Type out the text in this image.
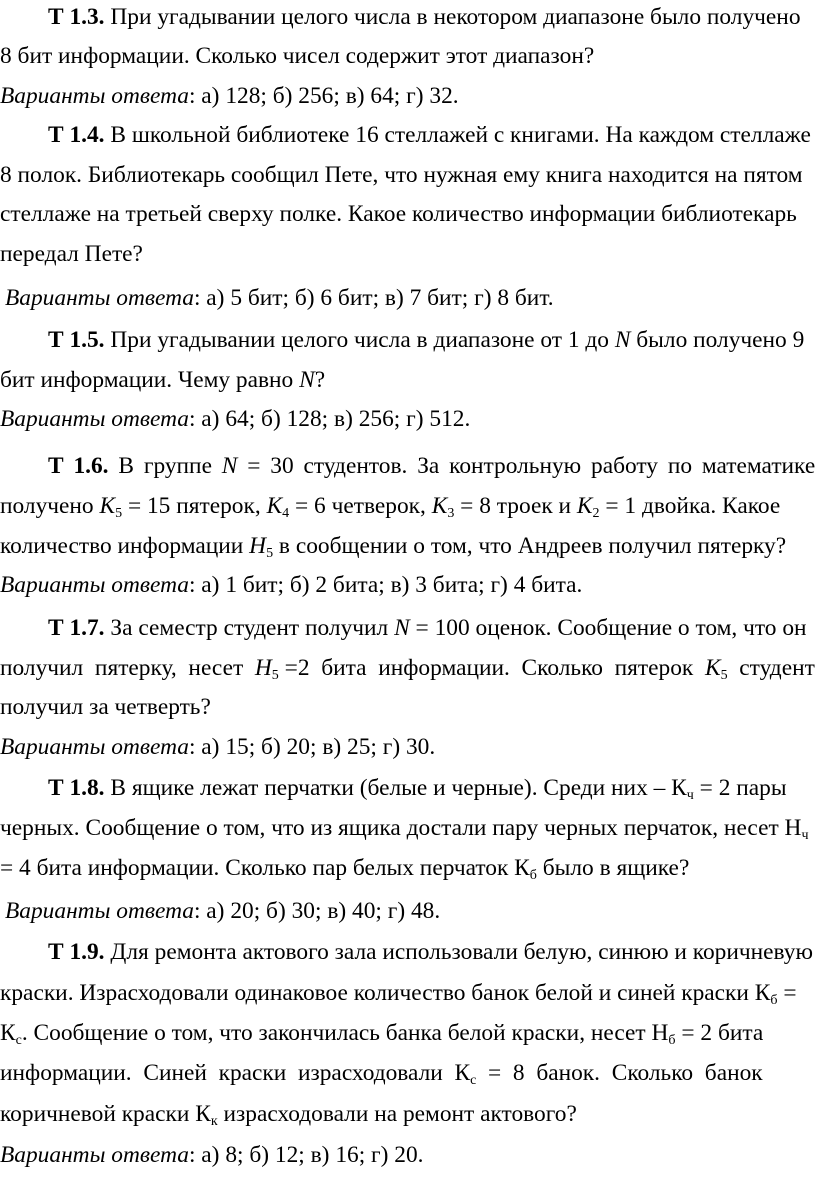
Т 1.3. При угадывании целого числа в некотором диапазоне было получено
8 бит информации. Сколько чисел содержит этот диапазон?
Варианты ответа: а) 128; б) 256; в) 64; г) 32.
Т 1.4. В школьной библиотеке 16 стеллажей с книгами. На каждом стеллаже
8 полок. Библиотекарь сообщил Пете, что нужная ему книга находится на пятом
стеллаже на третьей сверху полке. Какое количество информации библиотекарь
передал Пете?
Варианты ответа: а) 5 бит; б) 6 бит; в) 7 бит; г) 8 бит.
Т 1.5. При угадывании целого числа в диапазоне от 1 до N было получено 9
бит информации. Чему равно N?
Варианты ответа: а) 64; б) 128; в) 256; г) 512.
Т 1.6. В группе N = 30 студентов. За контрольную работу по математике
получено $K_5 = 15$ пятерок, $K_4 = 6$ четверок, $K_3 = 8$ троек и $K_2 = 1$ двойка. Какое
количество информации $H_5$ в сообщении о том, что Андреев получил пятерку?
Варианты ответа: а) 1 бит; б) 2 бита; в) 3 бита; г) 4 бита.
Т 1.7. За семестр студент получил N = 100 оценок. Сообщение о том, что он
получил  пятерку,  несет  $H_5 =2$  бита  информации.  Сколько  пятерок  $K_5$  студент
получил за четверть?
Варианты ответа: а) 15; б) 20; в) 25; г) 30.
Т 1.8. В ящике лежат перчатки (белые и черные). Среди них – $К_ч = 2$ пары
черных. Сообщение о том, что из ящика достали пару черных перчаток, несет $Н_ч$
= 4 бита информации. Сколько пар белых перчаток $К_б$ было в ящике?
Варианты ответа: а) 20; б) 30; в) 40; г) 48.
Т 1.9. Для ремонта актового зала использовали белую, синюю и коричневую
краски. Израсходовали одинаковое количество банок белой и синей краски $К_б$ =
$К_с$. Сообщение о том, что закончилась банка белой краски, несет $Н_б = 2$ бита
информации.  Синей  краски  израсходовали  $К_с = 8$  банок.  Сколько  банок
коричневой краски $К_к$ израсходовали на ремонт актового?
Варианты ответа: а) 8; б) 12; в) 16; г) 20.
